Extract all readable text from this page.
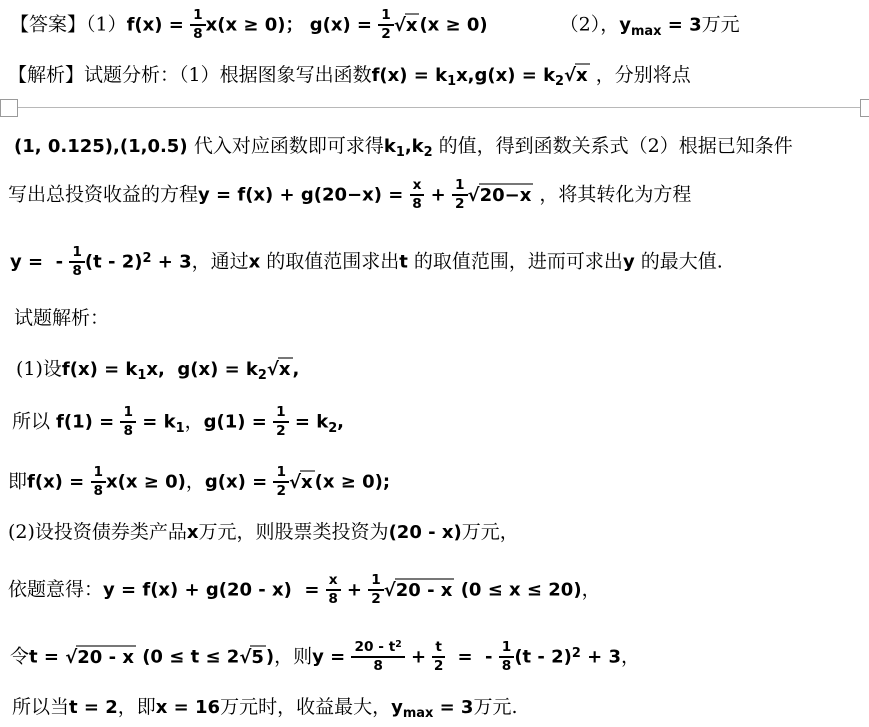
【答案】$(1)f(x) = \frac{1}{8} x(x \ge 0)$； $g(x) = \frac{1}{2} √x$ (x ≥ 0)	（2），$y_{max} = 3$万元
【解析】试题分析：（1）根据图象写出函数$f(x) = k_1x,g(x) = k_2√x$ ，分别将点
(1, 0.125),(1,0.5) 代入对应函数即可求得$k_1,k_2$ 的值，得到函数关系式（2）根据已知条件
写出总投资收益的方程$y = f(x) + g(20-x) = \frac{x}{8} + \frac{1}{2} √20-x$ ，将其转化为方程
y =  - $\frac{1}{8} (t - 2)^2 + 3$，通过x 的取值范围求出t 的取值范围，进而可求出y 的最大值.
试题解析：
(1)设$f(x) = k_1x$,  $g(x) = k_2√x$ ,
所以 $f(1) = \frac{1}{8} = k_1$，$g(1) = \frac{1}{2} = k_2$,
即$f(x) = \frac{1}{8} x(x \ge 0)$，$g(x) = \frac{1}{2} √x$ (x ≥ 0);
(2)设投资债券类产品x万元，则股票类投资为(20 - x)万元，
依题意得：$y = f(x) + g(20 - x) = \frac{x}{8} + \frac{1}{2} √20 - x$ (0 ≤ x ≤ 20)，
令t = √20 - x (0 ≤ t ≤ 2√5 )，则$y = \frac{20 - t^2}{8} + \frac{t}{2}$ =  - $\frac{1}{8} (t - 2)^2 + 3$，
所以当t = 2，即x = 16万元时，收益最大，$y_{max} = 3$万元.
